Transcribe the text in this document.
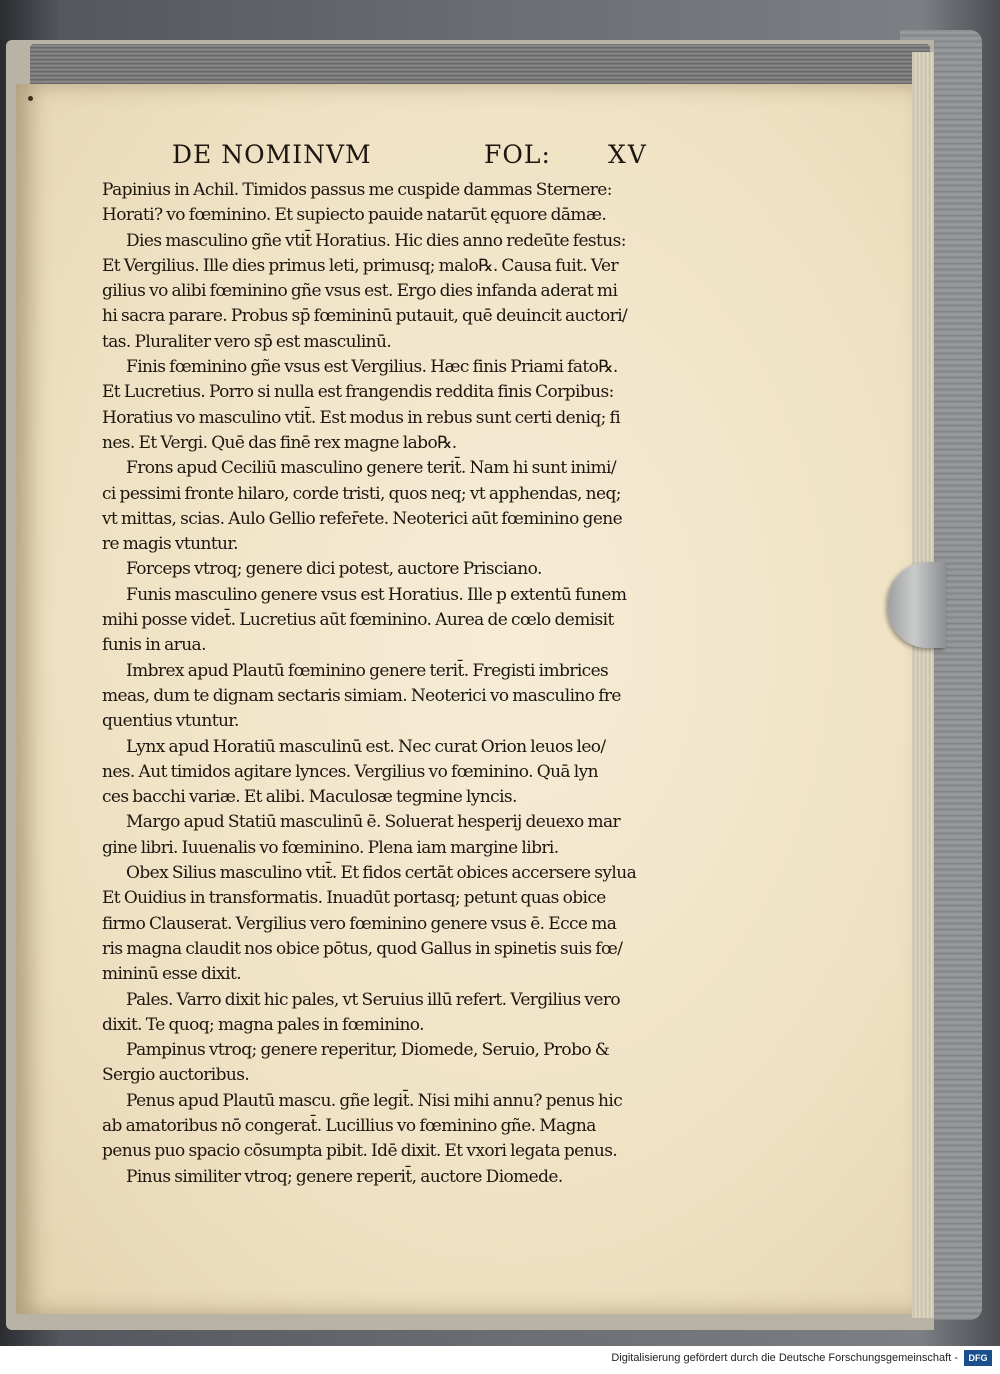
DE NOMINVM	FOL: XV
Papinius in Achil. Timidos passus me cuspide dammas Sternere:
Horati? vo fœminino. Et supiecto pauide natarūt ęquore dāmæ.
Dies masculino gñe vtit̄ Horatius. Hic dies anno redeūte festus:
Et Vergilius. Ille dies primus leti, primusq; malo℞. Causa fuit. Ver
gilius vo alibi fœminino gñe vsus est. Ergo dies infanda aderat mi
hi sacra parare. Probus sp̄ fœmininū putauit, quē deuincit auctori/
tas. Pluraliter vero sp̄ est masculinū.
Finis fœminino gñe vsus est Vergilius. Hæc finis Priami fato℞.
Et Lucretius. Porro si nulla est frangendis reddita finis Corpibus:
Horatius vo masculino vtit̄. Est modus in rebus sunt certi deniq; fi
nes. Et Vergi. Quē das finē rex magne labo℞.
Frons apud Ceciliū masculino genere terit̄. Nam hi sunt inimi/
ci pessimi fronte hilaro, corde tristi, quos neq; vt apphendas, neq;
vt mittas, scias. Aulo Gellio refer̄ete. Neoterici aūt fœminino gene
re magis vtuntur.
Forceps vtroq; genere dici potest, auctore Prisciano.
Funis masculino genere vsus est Horatius. Ille p extentū funem
mihi posse videt̄. Lucretius aūt fœminino. Aurea de cœlo demisit
funis in arua.
Imbrex apud Plautū fœminino genere terit̄. Fregisti imbrices
meas, dum te dignam sectaris simiam. Neoterici vo masculino fre
quentius vtuntur.
Lynx apud Horatiū masculinū est. Nec curat Orion leuos leo/
nes. Aut timidos agitare lynces. Vergilius vo fœminino. Quā lyn
ces bacchi variæ. Et alibi. Maculosæ tegmine lyncis.
Margo apud Statiū masculinū ē. Soluerat hesperij deuexo mar
gine libri. Iuuenalis vo fœminino. Plena iam margine libri.
Obex Silius masculino vtit̄. Et fidos certāt obices accersere sylua
Et Ouidius in transformatis. Inuadūt portasq; petunt quas obice
firmo Clauserat. Vergilius vero fœminino genere vsus ē. Ecce ma
ris magna claudit nos obice pōtus, quod Gallus in spinetis suis fœ/
mininū esse dixit.
Pales. Varro dixit hic pales, vt Seruius illū refert. Vergilius vero
dixit. Te quoq; magna pales in fœminino.
Pampinus vtroq; genere reperitur, Diomede, Seruio, Probo &
Sergio auctoribus.
Penus apud Plautū mascu. gñe legit̄. Nisi mihi annu? penus hic
ab amatoribus nō congerat̄. Lucillius vo fœminino gñe. Magna
penus puo spacio cōsumpta pibit. Idē dixit. Et vxori legata penus.
Pinus similiter vtroq; genere reperit̄, auctore Diomede.
Digitalisierung gefördert durch die Deutsche Forschungsgemeinschaft -	DFG
